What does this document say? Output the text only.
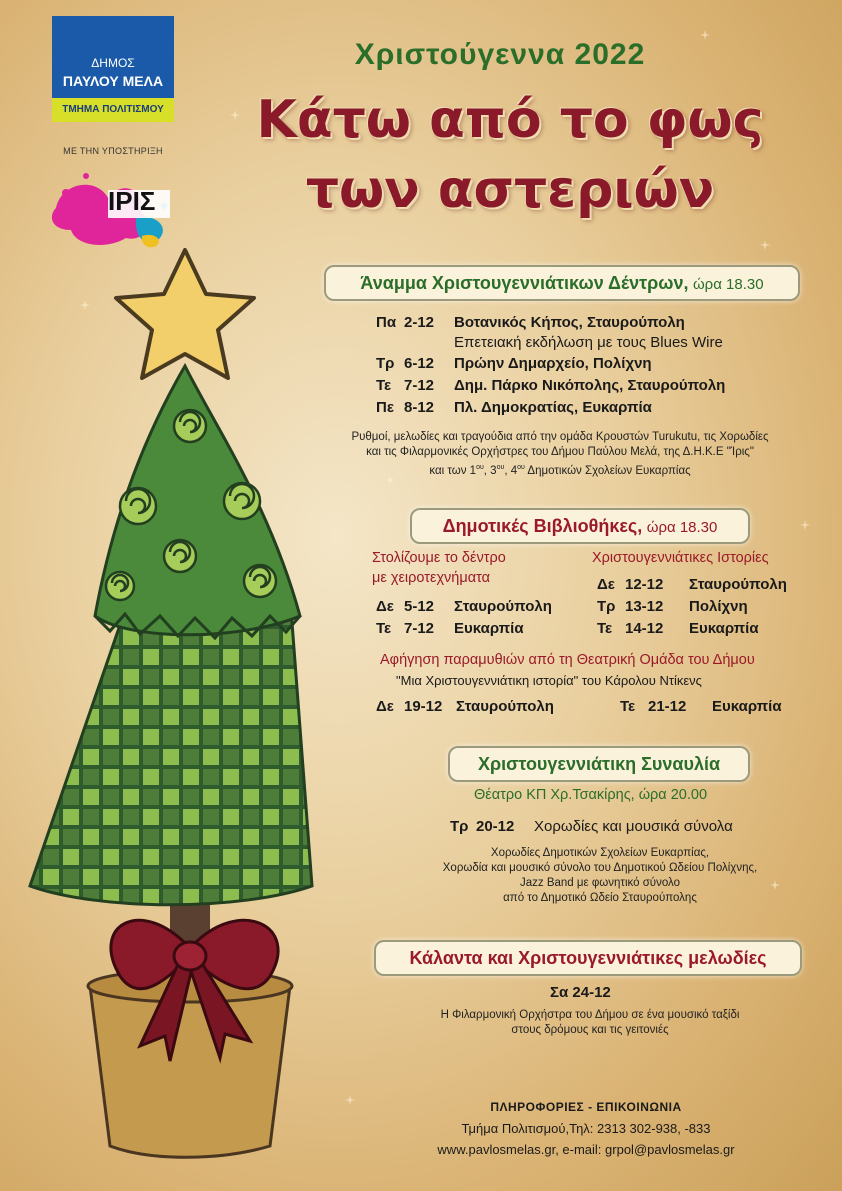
ΔΗΜΟΣ
ΠΑΥΛΟΥ ΜΕΛΑ
ΤΜΗΜΑ ΠΟΛΙΤΙΣΜΟΥ
ΜΕ ΤΗΝ ΥΠΟΣΤΗΡΙΞΗ
ΙΡΙΣ
Χριστούγεννα 2022
Κάτω από το φως
των αστεριών
Άναμμα Χριστουγεννιάτικων Δέντρων, ώρα 18.30
Πα 2-12 Βοτανικός Κήπος, Σταυρούπολη
Επετειακή εκδήλωση με τους Blues Wire
Τρ 6-12 Πρώην Δημαρχείο, Πολίχνη
Τε 7-12 Δημ. Πάρκο Νικόπολης, Σταυρούπολη
Πε 8-12 Πλ. Δημοκρατίας, Ευκαρπία
Ρυθμοί, μελωδίες και τραγούδια από την ομάδα Κρουστών Turukutu, τις Χορωδίες
και τις Φιλαρμονικές Ορχήστρες του Δήμου Παύλου Μελά, της Δ.Η.Κ.Ε "Ίρις"
και των $1^{o\upsilon}$, $3^{o\upsilon}$, $4^{o\upsilon}$ Δημοτικών Σχολείων Ευκαρπίας
Δημοτικές Βιβλιοθήκες, ώρα 18.30
Στολίζουμε το δέντρο
με χειροτεχνήματα
Δε 5-12 Σταυρούπολη
Τε 7-12 Ευκαρπία
Χριστουγεννιάτικες Ιστορίες
Δε 12-12 Σταυρούπολη
Τρ 13-12 Πολίχνη
Τε 14-12 Ευκαρπία
Αφήγηση παραμυθιών από τη Θεατρική Ομάδα του Δήμου
"Μια Χριστουγεννιάτικη ιστορία" του Κάρολου Ντίκενς
Δε 19-12 Σταυρούπολη	Τε 21-12 Ευκαρπία
Χριστουγεννιάτικη Συναυλία
Θέατρο ΚΠ Χρ.Τσακίρης, ώρα 20.00
Τρ 20-12 Χορωδίες και μουσικά σύνολα
Χορωδίες Δημοτικών Σχολείων Ευκαρπίας,
Χορωδία και μουσικό σύνολο του Δημοτικού Ωδείου Πολίχνης,
Jazz Band με φωνητικό σύνολο
από το Δημοτικό Ωδείο Σταυρούπολης
Κάλαντα και Χριστουγεννιάτικες μελωδίες
Σα 24-12
Η Φιλαρμονική Ορχήστρα του Δήμου σε ένα μουσικό ταξίδι
στους δρόμους και τις γειτονιές
ΠΛΗΡΟΦΟΡΙΕΣ - ΕΠΙΚΟΙΝΩΝΙΑ
Τμήμα Πολιτισμού,Τηλ: 2313 302-938, -833
www.pavlosmelas.gr, e-mail: grpol@pavlosmelas.gr
